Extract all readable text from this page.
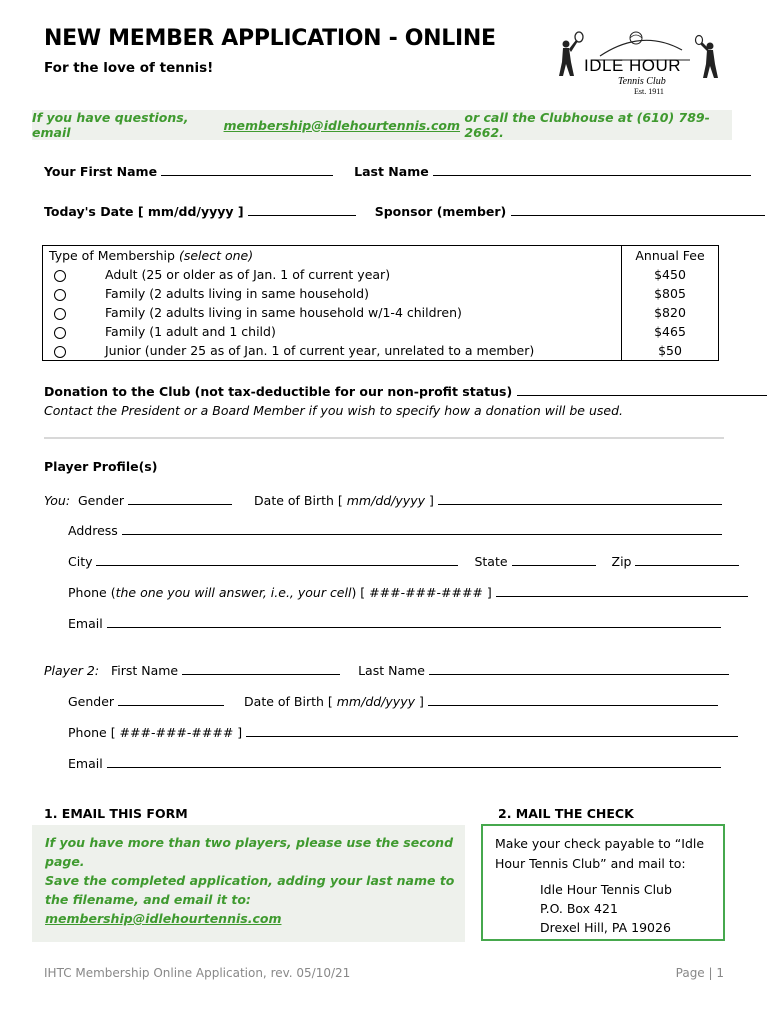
NEW MEMBER APPLICATION - ONLINE

For the love of tennis!	IDLE HOUR
Tennis Club
Est. 1911
If you have questions, email
	membership@idlehourtennis.com
or call the Clubhouse at (610) 789-2662.
Your First Name	Last Name
Today's Date [ mm/dd/yyyy ]	Sponsor (member)
Type of Membership (select one)	Annual Fee
Adult (25 or older as of Jan. 1 of current year)	$450
Family (2 adults living in same household)	$805
Family (2 adults living in same household w/1-4 children)	$820
Family (1 adult and 1 child)	$465
Junior (under 25 as of Jan. 1 of current year, unrelated to a member)	$50
Donation to the Club (not tax-deductible for our non-profit status)
Contact the President or a Board Member if you wish to specify how a donation will be used.
Player Profile(s)
You: Gender	Date of Birth [ mm/dd/yyyy ]
Address
City	State	Zip
Phone (the one you will answer, i.e., your cell) [ ###-###-#### ]
Email
Player 2: First Name	Last Name
Gender	Date of Birth [ mm/dd/yyyy ]
Phone [ ###-###-#### ]
Email
1. EMAIL THIS FORM	2. MAIL THE CHECK
If you have more than two players, please use the second page.
Save the completed application, adding your last name to the filename, and email it to:
membership@idlehourtennis.com
Make your check payable to “Idle Hour Tennis Club” and mail to:
Idle Hour Tennis Club
P.O. Box 421
Drexel Hill, PA 19026
IHTC Membership Online Application, rev. 05/10/21	Page | 1
